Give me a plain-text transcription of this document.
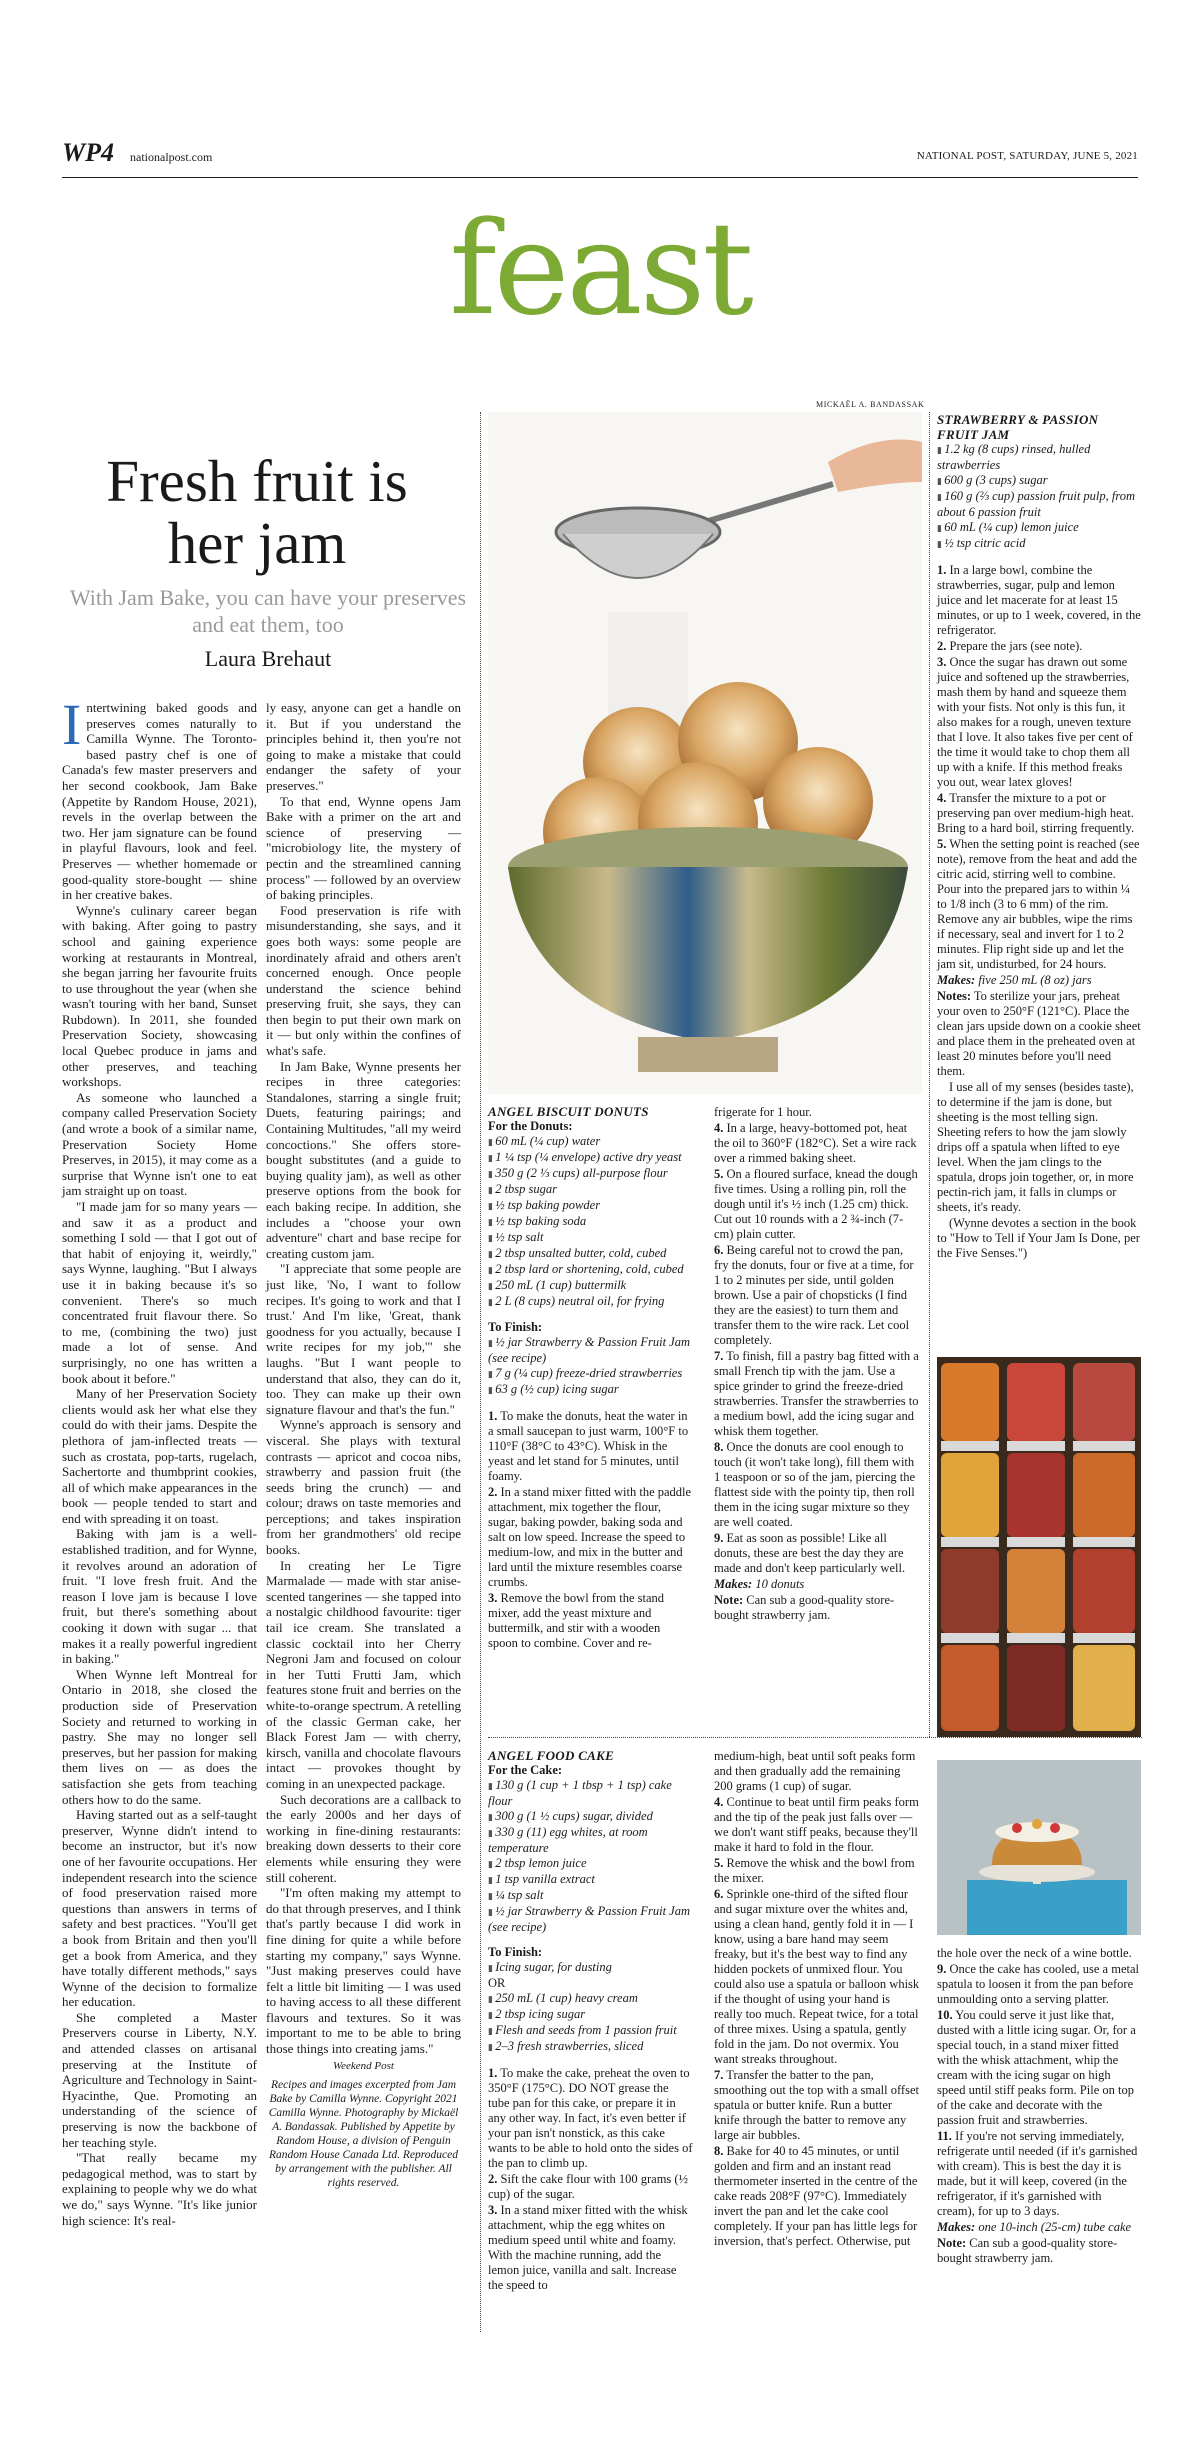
WP4 nationalpost.com	NATIONAL POST, SATURDAY, JUNE 5, 2021
feast
MICKAËL A. BANDASSAK
Fresh fruit is her jam
With Jam Bake, you can have your preserves and eat them, too
Laura Brehaut

Intertwining baked goods and preserves comes naturally to Camilla Wynne. The Toronto-based pastry chef is one of Canada's few master preservers and her second cookbook, Jam Bake (Appetite by Random House, 2021), revels in the overlap between the two. Her jam signature can be found in playful flavours, look and feel. Preserves — whether homemade or good-quality store-bought — shine in her creative bakes.

Wynne's culinary career began with baking. After going to pastry school and gaining experience working at restaurants in Montreal, she began jarring her favourite fruits to use throughout the year (when she wasn't touring with her band, Sunset Rubdown). In 2011, she founded Preservation Society, showcasing local Quebec produce in jams and other preserves, and teaching workshops.

As someone who launched a company called Preservation Society (and wrote a book of a similar name, Preservation Society Home Preserves, in 2015), it may come as a surprise that Wynne isn't one to eat jam straight up on toast.

"I made jam for so many years — and saw it as a product and something I sold — that I got out of that habit of enjoying it, weirdly," says Wynne, laughing. "But I always use it in baking because it's so convenient. There's so much concentrated fruit flavour there. So to me, (combining the two) just made a lot of sense. And surprisingly, no one has written a book about it before."

Many of her Preservation Society clients would ask her what else they could do with their jams. Despite the plethora of jam-inflected treats — such as crostata, pop-tarts, rugelach, Sachertorte and thumbprint cookies, all of which make appearances in the book — people tended to start and end with spreading it on toast.

Baking with jam is a well-established tradition, and for Wynne, it revolves around an adoration of fruit. "I love fresh fruit. And the reason I love jam is because I love fruit, but there's something about cooking it down with sugar ... that makes it a really powerful ingredient in baking."

When Wynne left Montreal for Ontario in 2018, she closed the production side of Preservation Society and returned to working in pastry. She may no longer sell preserves, but her passion for making them lives on — as does the satisfaction she gets from teaching others how to do the same.

Having started out as a self-taught preserver, Wynne didn't intend to become an instructor, but it's now one of her favourite occupations. Her independent research into the science of food preservation raised more questions than answers in terms of safety and best practices. "You'll get a book from Britain and then you'll get a book from America, and they have totally different methods," says Wynne of the decision to formalize her education.

She completed a Master Preservers course in Liberty, N.Y. and attended classes on artisanal preserving at the Institute of Agriculture and Technology in Saint-Hyacinthe, Que. Promoting an understanding of the science of preserving is now the backbone of her teaching style.

"That really became my pedagogical method, was to start by explaining to people why we do what we do," says Wynne. "It's like junior high science: It's real-

ly easy, anyone can get a handle on it. But if you understand the principles behind it, then you're not going to make a mistake that could endanger the safety of your preserves."

To that end, Wynne opens Jam Bake with a primer on the art and science of preserving — "microbiology lite, the mystery of pectin and the streamlined canning process" — followed by an overview of baking principles.

Food preservation is rife with misunderstanding, she says, and it goes both ways: some people are inordinately afraid and others aren't concerned enough. Once people understand the science behind preserving fruit, she says, they can then begin to put their own mark on it — but only within the confines of what's safe.

In Jam Bake, Wynne presents her recipes in three categories: Standalones, starring a single fruit; Duets, featuring pairings; and Containing Multitudes, "all my weird concoctions." She offers store-bought substitutes (and a guide to buying quality jam), as well as other preserve options from the book for each baking recipe. In addition, she includes a "choose your own adventure" chart and base recipe for creating custom jam.

"I appreciate that some people are just like, 'No, I want to follow recipes. It's going to work and that I trust.' And I'm like, 'Great, thank goodness for you actually, because I write recipes for my job,'" she laughs. "But I want people to understand that also, they can do it, too. They can make up their own signature flavour and that's the fun."

Wynne's approach is sensory and visceral. She plays with textural contrasts — apricot and cocoa nibs, strawberry and passion fruit (the seeds bring the crunch) — and colour; draws on taste memories and perceptions; and takes inspiration from her grandmothers' old recipe books.

In creating her Le Tigre Marmalade — made with star anise-scented tangerines — she tapped into a nostalgic childhood favourite: tiger tail ice cream. She translated a classic cocktail into her Cherry Negroni Jam and focused on colour in her Tutti Frutti Jam, which features stone fruit and berries on the white-to-orange spectrum. A retelling of the classic German cake, her Black Forest Jam — with cherry, kirsch, vanilla and chocolate flavours intact — provokes thought by coming in an unexpected package.

Such decorations are a callback to the early 2000s and her days of working in fine-dining restaurants: breaking down desserts to their core elements while ensuring they were still coherent.

"I'm often making my attempt to do that through preserves, and I think that's partly because I did work in fine dining for quite a while before starting my company," says Wynne. "Just making preserves could have felt a little bit limiting — I was used to having access to all these different flavours and textures. So it was important to me to be able to bring those things into creating jams."

Weekend Post

Recipes and images excerpted from Jam Bake by Camilla Wynne. Copyright 2021 Camilla Wynne. Photography by Mickaël A. Bandassak. Published by Appetite by Random House, a division of Penguin Random House Canada Ltd. Reproduced by arrangement with the publisher. All rights reserved.

STRAWBERRY & PASSION FRUIT JAM
▮ 1.2 kg (8 cups) rinsed, hulled strawberries
▮ 600 g (3 cups) sugar
▮ 160 g (⅔ cup) passion fruit pulp, from about 6 passion fruit
▮ 60 mL (¼ cup) lemon juice
▮ ½ tsp citric acid
1. In a large bowl, combine the strawberries, sugar, pulp and lemon juice and let macerate for at least 15 minutes, or up to 1 week, covered, in the refrigerator.
2. Prepare the jars (see note).
3. Once the sugar has drawn out some juice and softened up the strawberries, mash them by hand and squeeze them with your fists. Not only is this fun, it also makes for a rough, uneven texture that I love. It also takes five per cent of the time it would take to chop them all up with a knife. If this method freaks you out, wear latex gloves!
4. Transfer the mixture to a pot or preserving pan over medium-high heat. Bring to a hard boil, stirring frequently.
5. When the setting point is reached (see note), remove from the heat and add the citric acid, stirring well to combine. Pour into the prepared jars to within ¼ to 1/8 inch (3 to 6 mm) of the rim. Remove any air bubbles, wipe the rims if necessary, seal and invert for 1 to 2 minutes. Flip right side up and let the jam sit, undisturbed, for 24 hours.
Makes: five 250 mL (8 oz) jars
Notes: To sterilize your jars, preheat your oven to 250°F (121°C). Place the clean jars upside down on a cookie sheet and place them in the preheated oven at least 20 minutes before you'll need them.
I use all of my senses (besides taste), to determine if the jam is done, but sheeting is the most telling sign. Sheeting refers to how the jam slowly drips off a spatula when lifted to eye level. When the jam clings to the spatula, drops join together, or, in more pectin-rich jam, it falls in clumps or sheets, it's ready.
(Wynne devotes a section in the book to "How to Tell if Your Jam Is Done, per the Five Senses.")
ANGEL BISCUIT DONUTS
For the Donuts:
▮ 60 mL (¼ cup) water
▮ 1 ¼ tsp (¼ envelope) active dry yeast
▮ 350 g (2 ⅓ cups) all-purpose flour
▮ 2 tbsp sugar
▮ ½ tsp baking powder
▮ ½ tsp baking soda
▮ ½ tsp salt
▮ 2 tbsp unsalted butter, cold, cubed
▮ 2 tbsp lard or shortening, cold, cubed
▮ 250 mL (1 cup) buttermilk
▮ 2 L (8 cups) neutral oil, for frying
To Finish:
▮ ½ jar Strawberry & Passion Fruit Jam (see recipe)
▮ 7 g (¼ cup) freeze-dried strawberries
▮ 63 g (½ cup) icing sugar
1. To make the donuts, heat the water in a small saucepan to just warm, 100°F to 110°F (38°C to 43°C). Whisk in the yeast and let stand for 5 minutes, until foamy.
2. In a stand mixer fitted with the paddle attachment, mix together the flour, sugar, baking powder, baking soda and salt on low speed. Increase the speed to medium-low, and mix in the butter and lard until the mixture resembles coarse crumbs.
3. Remove the bowl from the stand mixer, add the yeast mixture and buttermilk, and stir with a wooden spoon to combine. Cover and re-
frigerate for 1 hour.
4. In a large, heavy-bottomed pot, heat the oil to 360°F (182°C). Set a wire rack over a rimmed baking sheet.
5. On a floured surface, knead the dough five times. Using a rolling pin, roll the dough until it's ½ inch (1.25 cm) thick. Cut out 10 rounds with a 2 ¾-inch (7-cm) plain cutter.
6. Being careful not to crowd the pan, fry the donuts, four or five at a time, for 1 to 2 minutes per side, until golden brown. Use a pair of chopsticks (I find they are the easiest) to turn them and transfer them to the wire rack. Let cool completely.
7. To finish, fill a pastry bag fitted with a small French tip with the jam. Use a spice grinder to grind the freeze-dried strawberries. Transfer the strawberries to a medium bowl, add the icing sugar and whisk them together.
8. Once the donuts are cool enough to touch (it won't take long), fill them with 1 teaspoon or so of the jam, piercing the flattest side with the pointy tip, then roll them in the icing sugar mixture so they are well coated.
9. Eat as soon as possible! Like all donuts, these are best the day they are made and don't keep particularly well.
Makes: 10 donuts
Note: Can sub a good-quality store-bought strawberry jam.
ANGEL FOOD CAKE
For the Cake:
▮ 130 g (1 cup + 1 tbsp + 1 tsp) cake flour
▮ 300 g (1 ½ cups) sugar, divided
▮ 330 g (11) egg whites, at room temperature
▮ 2 tbsp lemon juice
▮ 1 tsp vanilla extract
▮ ¼ tsp salt
▮ ½ jar Strawberry & Passion Fruit Jam (see recipe)
To Finish:
▮ Icing sugar, for dusting
OR
▮ 250 mL (1 cup) heavy cream
▮ 2 tbsp icing sugar
▮ Flesh and seeds from 1 passion fruit
▮ 2–3 fresh strawberries, sliced
1. To make the cake, preheat the oven to 350°F (175°C). DO NOT grease the tube pan for this cake, or prepare it in any other way. In fact, it's even better if your pan isn't nonstick, as this cake wants to be able to hold onto the sides of the pan to climb up.
2. Sift the cake flour with 100 grams (½ cup) of the sugar.
3. In a stand mixer fitted with the whisk attachment, whip the egg whites on medium speed until white and foamy. With the machine running, add the lemon juice, vanilla and salt. Increase the speed to
medium-high, beat until soft peaks form and then gradually add the remaining 200 grams (1 cup) of sugar.
4. Continue to beat until firm peaks form and the tip of the peak just falls over — we don't want stiff peaks, because they'll make it hard to fold in the flour.
5. Remove the whisk and the bowl from the mixer.
6. Sprinkle one-third of the sifted flour and sugar mixture over the whites and, using a clean hand, gently fold it in — I know, using a bare hand may seem freaky, but it's the best way to find any hidden pockets of unmixed flour. You could also use a spatula or balloon whisk if the thought of using your hand is really too much. Repeat twice, for a total of three mixes. Using a spatula, gently fold in the jam. Do not overmix. You want streaks throughout.
7. Transfer the batter to the pan, smoothing out the top with a small offset spatula or butter knife. Run a butter knife through the batter to remove any large air bubbles.
8. Bake for 40 to 45 minutes, or until golden and firm and an instant read thermometer inserted in the centre of the cake reads 208°F (97°C). Immediately invert the pan and let the cake cool completely. If your pan has little legs for inversion, that's perfect. Otherwise, put
the hole over the neck of a wine bottle.
9. Once the cake has cooled, use a metal spatula to loosen it from the pan before unmoulding onto a serving platter.
10. You could serve it just like that, dusted with a little icing sugar. Or, for a special touch, in a stand mixer fitted with the whisk attachment, whip the cream with the icing sugar on high speed until stiff peaks form. Pile on top of the cake and decorate with the passion fruit and strawberries.
11. If you're not serving immediately, refrigerate until needed (if it's garnished with cream). This is best the day it is made, but it will keep, covered (in the refrigerator, if it's garnished with cream), for up to 3 days.
Makes: one 10-inch (25-cm) tube cake
Note: Can sub a good-quality store-bought strawberry jam.
